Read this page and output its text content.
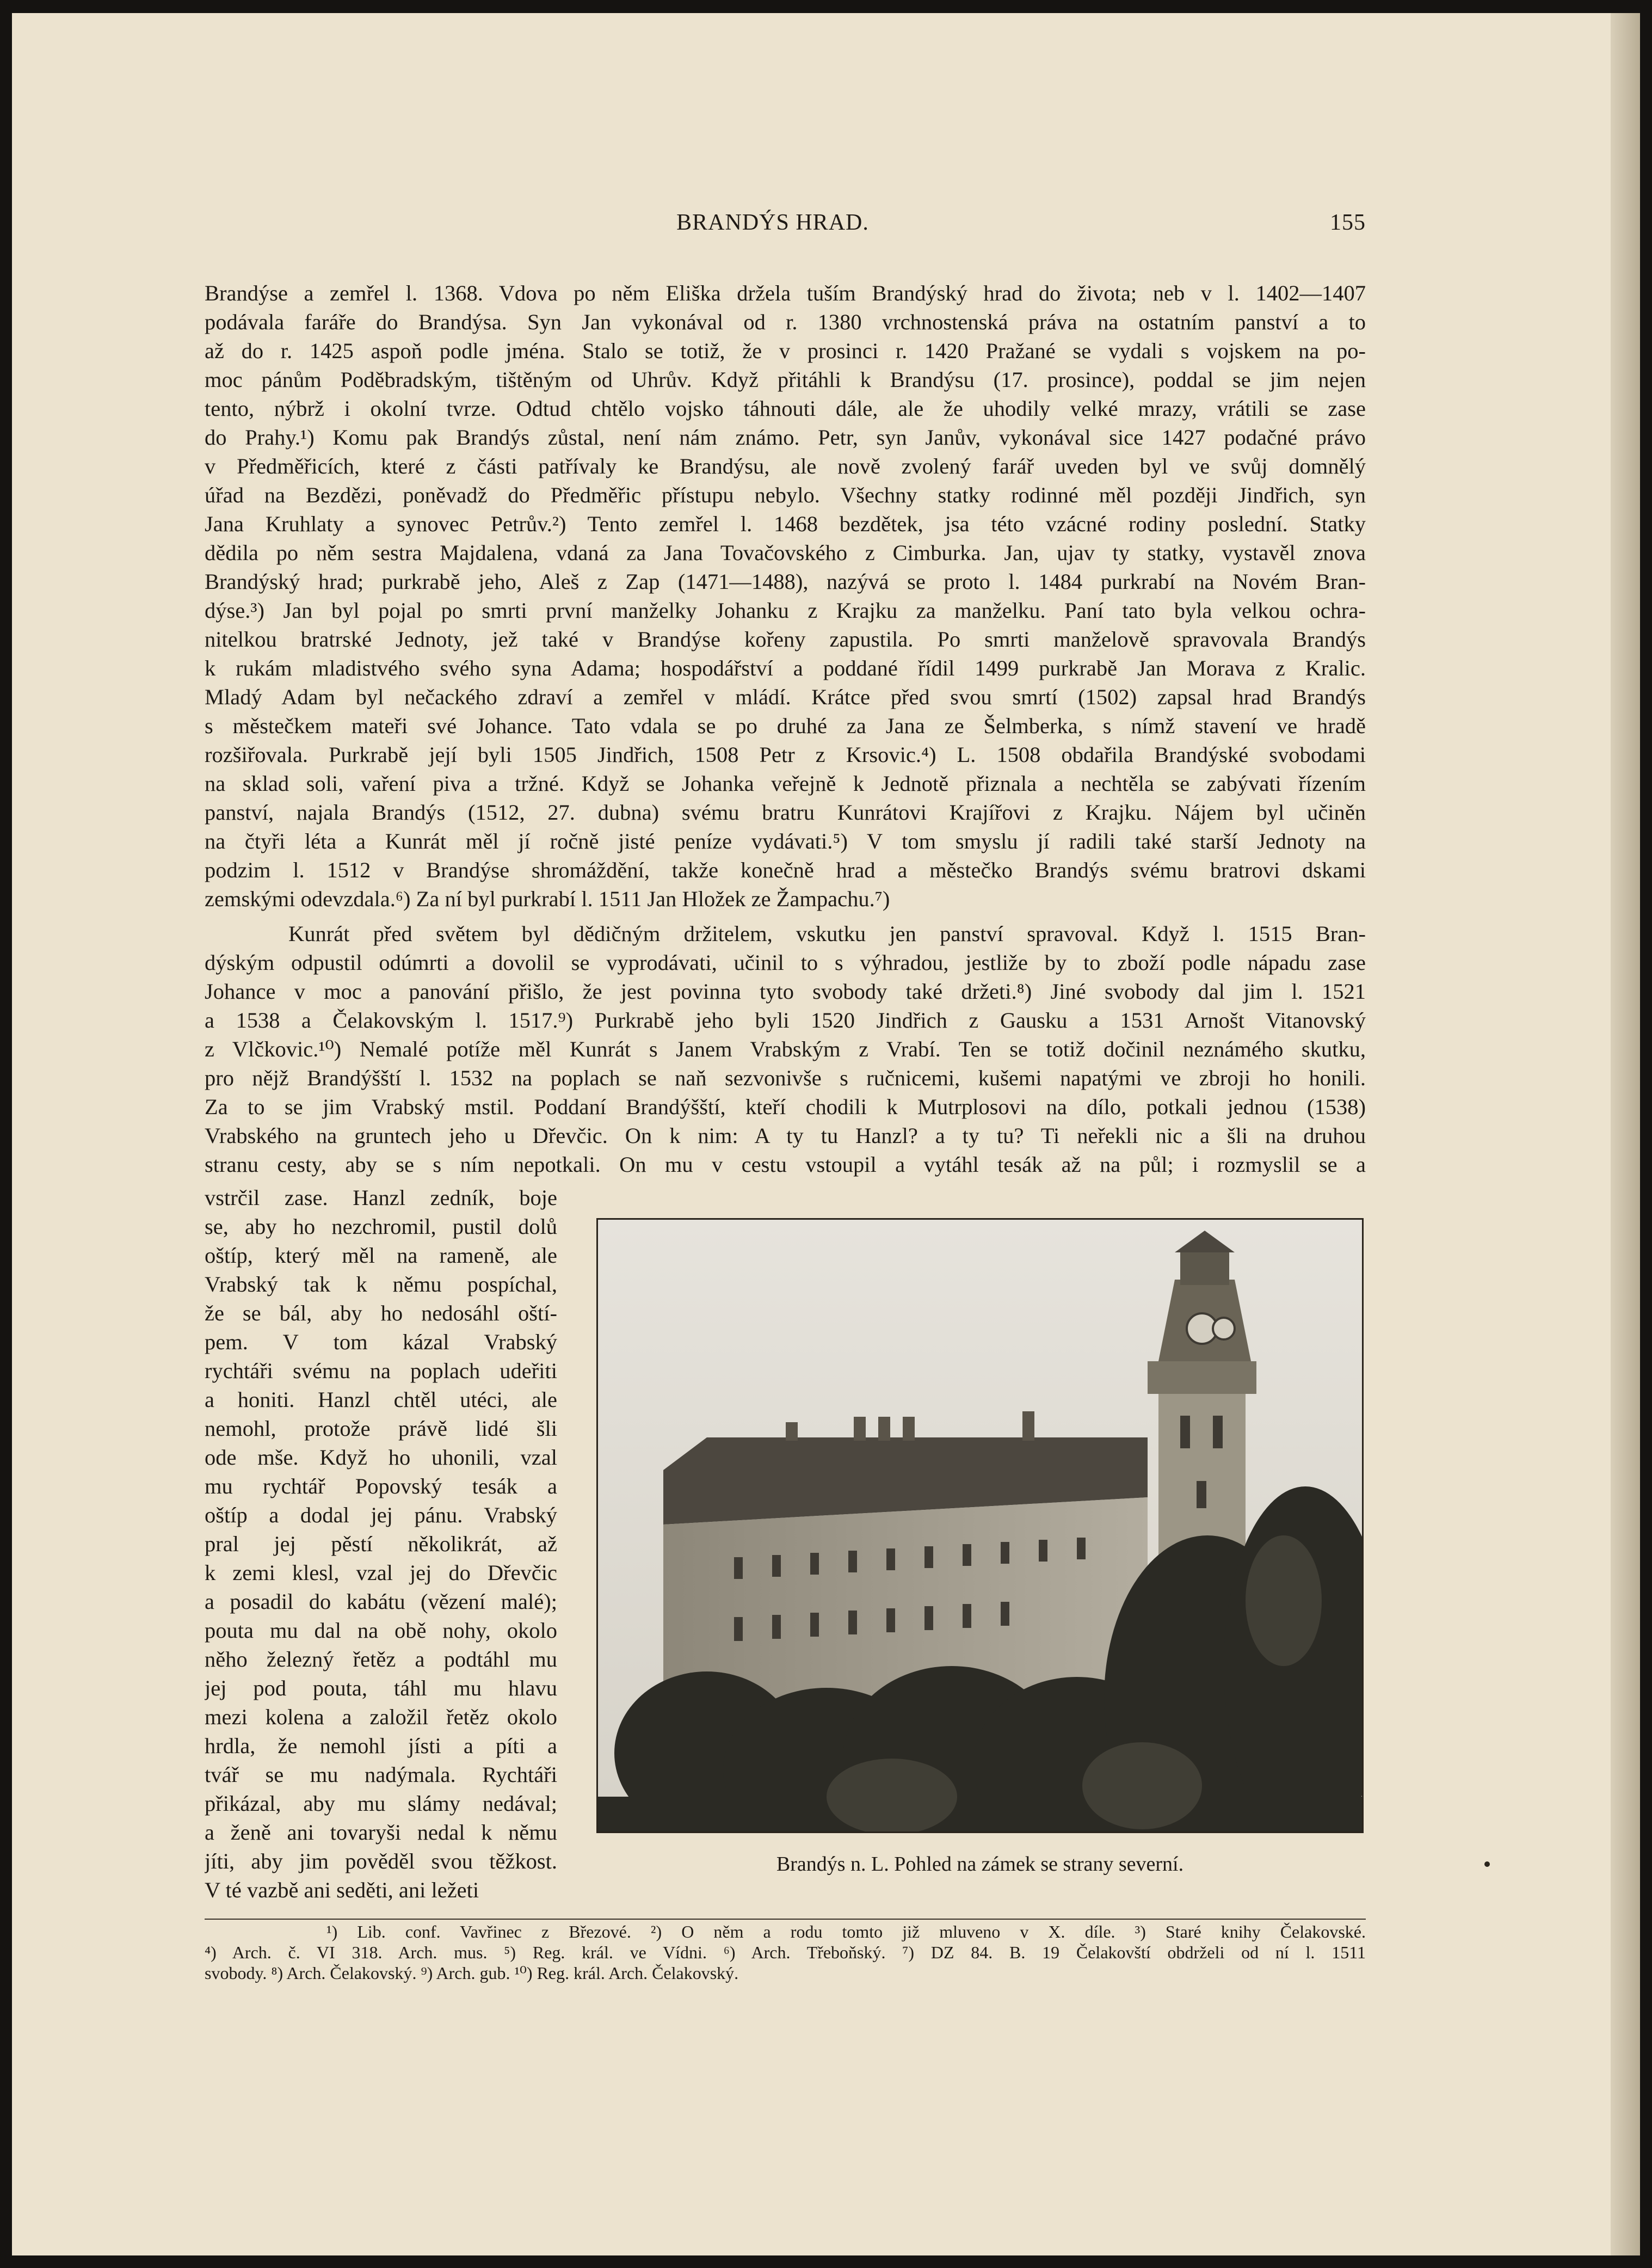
BRANDÝS HRAD.	155
Brandýse a zemřel l. 1368. Vdova po něm Eliška držela tuším Brandýský hrad do života; neb v l. 1402—1407
podávala faráře do Brandýsa. Syn Jan vykonával od r. 1380 vrchnostenská práva na ostatním panství a to
až do r. 1425 aspoň podle jména. Stalo se totiž, že v prosinci r. 1420 Pražané se vydali s vojskem na po-
moc pánům Poděbradským, tištěným od Uhrův. Když přitáhli k Brandýsu (17. prosince), poddal se jim nejen
tento, nýbrž i okolní tvrze. Odtud chtělo vojsko táhnouti dále, ale že uhodily velké mrazy, vrátili se zase
do Prahy.¹) Komu pak Brandýs zůstal, není nám známo. Petr, syn Janův, vykonával sice 1427 podačné právo
v Předměřicích, které z části patřívaly ke Brandýsu, ale nově zvolený farář uveden byl ve svůj domnělý
úřad na Bezdězi, poněvadž do Předměřic přístupu nebylo. Všechny statky rodinné měl později Jindřich, syn
Jana Kruhlaty a synovec Petrův.²) Tento zemřel l. 1468 bezdětek, jsa této vzácné rodiny poslední. Statky
dědila po něm sestra Majdalena, vdaná za Jana Tovačovského z Cimburka. Jan, ujav ty statky, vystavěl znova
Brandýský hrad; purkrabě jeho, Aleš z Zap (1471—1488), nazývá se proto l. 1484 purkrabí na Novém Bran-
dýse.³) Jan byl pojal po smrti první manželky Johanku z Krajku za manželku. Paní tato byla velkou ochra-
nitelkou bratrské Jednoty, jež také v Brandýse kořeny zapustila. Po smrti manželově spravovala Brandýs
k rukám mladistvého svého syna Adama; hospodářství a poddané řídil 1499 purkrabě Jan Morava z Kralic.
Mladý Adam byl nečackého zdraví a zemřel v mládí. Krátce před svou smrtí (1502) zapsal hrad Brandýs
s městečkem mateři své Johance. Tato vdala se po druhé za Jana ze Šelmberka, s nímž stavení ve hradě
rozšiřovala. Purkrabě její byli 1505 Jindřich, 1508 Petr z Krsovic.⁴) L. 1508 obdařila Brandýské svobodami
na sklad soli, vaření piva a tržné. Když se Johanka veřejně k Jednotě přiznala a nechtěla se zabývati řízením
panství, najala Brandýs (1512, 27. dubna) svému bratru Kunrátovi Krajířovi z Krajku. Nájem byl učiněn
na čtyři léta a Kunrát měl jí ročně jisté peníze vydávati.⁵) V tom smyslu jí radili také starší Jednoty na
podzim l. 1512 v Brandýse shromáždění, takže konečně hrad a městečko Brandýs svému bratrovi dskami
zemskými odevzdala.⁶) Za ní byl purkrabí l. 1511 Jan Hložek ze Žampachu.⁷)
Kunrát před světem byl dědičným držitelem, vskutku jen panství spravoval. Když l. 1515 Bran-
dýským odpustil odúmrti a dovolil se vyprodávati, učinil to s výhradou, jestliže by to zboží podle nápadu zase
Johance v moc a panování přišlo, že jest povinna tyto svobody také držeti.⁸) Jiné svobody dal jim l. 1521
a 1538 a Čelakovským l. 1517.⁹) Purkrabě jeho byli 1520 Jindřich z Gausku a 1531 Arnošt Vitanovský
z Vlčkovic.¹⁰) Nemalé potíže měl Kunrát s Janem Vrabským z Vrabí. Ten se totiž dočinil neznámého skutku,
pro nějž Brandýšští l. 1532 na poplach se naň sezvonivše s ručnicemi, kušemi napatými ve zbroji ho honili.
Za to se jim Vrabský mstil. Poddaní Brandýšští, kteří chodili k Mutrplosovi na dílo, potkali jednou (1538)
Vrabského na gruntech jeho u Dřevčic. On k nim: A ty tu Hanzl? a ty tu? Ti neřekli nic a šli na druhou
stranu cesty, aby se s ním nepotkali. On mu v cestu vstoupil a vytáhl tesák až na půl; i rozmyslil se a
vstrčil zase. Hanzl zedník, boje
se, aby ho nezchromil, pustil dolů
oštíp, který měl na rameně, ale
Vrabský tak k němu pospíchal,
že se bál, aby ho nedosáhl oští-
pem. V tom kázal Vrabský
rychtáři svému na poplach udeřiti
a honiti. Hanzl chtěl utéci, ale
nemohl, protože právě lidé šli
ode mše. Když ho uhonili, vzal
mu rychtář Popovský tesák a
oštíp a dodal jej pánu. Vrabský
pral jej pěstí několikrát, až
k zemi klesl, vzal jej do Dřevčic
a posadil do kabátu (vězení malé);
pouta mu dal na obě nohy, okolo
něho železný řetěz a podtáhl mu
jej pod pouta, táhl mu hlavu
mezi kolena a založil řetěz okolo
hrdla, že nemohl jísti a píti a
tvář se mu nadýmala. Rychtáři
přikázal, aby mu slámy nedával;
a ženě ani tovaryši nedal k němu
jíti, aby jim pověděl svou těžkost.
V té vazbě ani seděti, ani ležeti
Brandýs n. L. Pohled na zámek se strany severní.
¹) Lib. conf. Vavřinec z Březové. ²) O něm a rodu tomto již mluveno v X. díle. ³) Staré knihy Čelakovské.
⁴) Arch. č. VI 318. Arch. mus. ⁵) Reg. král. ve Vídni. ⁶) Arch. Třeboňský. ⁷) DZ 84. B. 19 Čelakovští obdrželi od ní l. 1511
svobody. ⁸) Arch. Čelakovský. ⁹) Arch. gub. ¹⁰) Reg. král. Arch. Čelakovský.
